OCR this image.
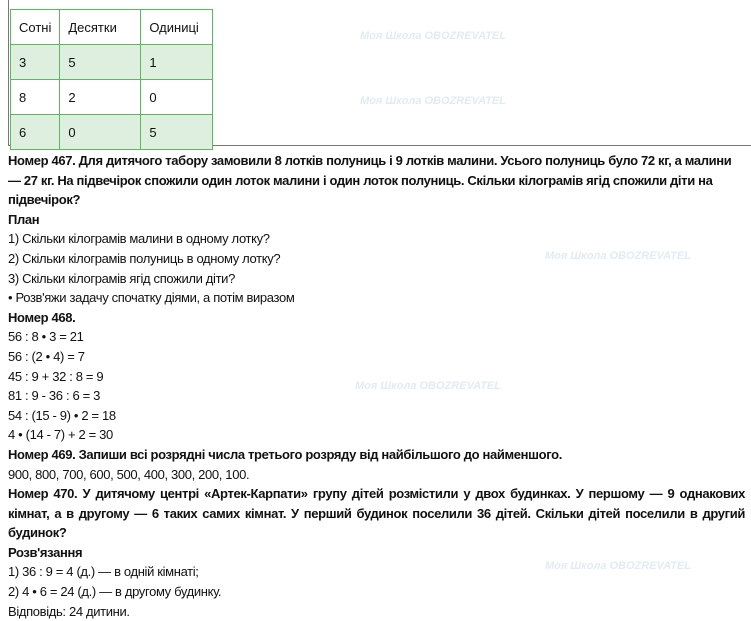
Сотні	Десятки	Одиниці
3	5	1
8	2	0
6	0	5
Моя Школа OBOZREVATEL
Моя Школа OBOZREVATEL
Моя Школа OBOZREVATEL
Моя Школа OBOZREVATEL
Моя Школа OBOZREVATEL

Номер 467. Для дитячого табору замовили 8 лотків полуниць і 9 лотків малини. Усього полуниць було 72 кг, а малини — 27 кг. На підвечірок спожили один лоток малини і один лоток полуниць. Скільки кілограмів ягід спожили діти на підвечірок?

План

1) Скільки кілограмів малини в одному лотку?

2) Скільки кілограмів полуниць в одному лотку?

3) Скільки кілограмів ягід спожили діти?

• Розв'яжи задачу спочатку діями, а потім виразом

Номер 468.

56 : 8 • 3 = 21

56 : (2 • 4) = 7

45 : 9 + 32 : 8 = 9

81 : 9 - 36 : 6 = 3

54 : (15 - 9) • 2 = 18

4 • (14 - 7) + 2 = 30

Номер 469. Запиши всі розрядні числа третього розряду від найбільшого до найменшого.

900, 800, 700, 600, 500, 400, 300, 200, 100.

Номер 470. У дитячому центрі «Артек-Карпати» групу дітей розмістили у двох будинках. У першому — 9 однакових кімнат, а в другому — 6 таких самих кімнат. У перший будинок поселили 36 дітей. Скільки дітей поселили в другий будинок?

Розв'язання

1) 36 : 9 = 4 (д.) — в одній кімнаті;

2) 4 • 6 = 24 (д.) — в другому будинку.

Відповідь: 24 дитини.
